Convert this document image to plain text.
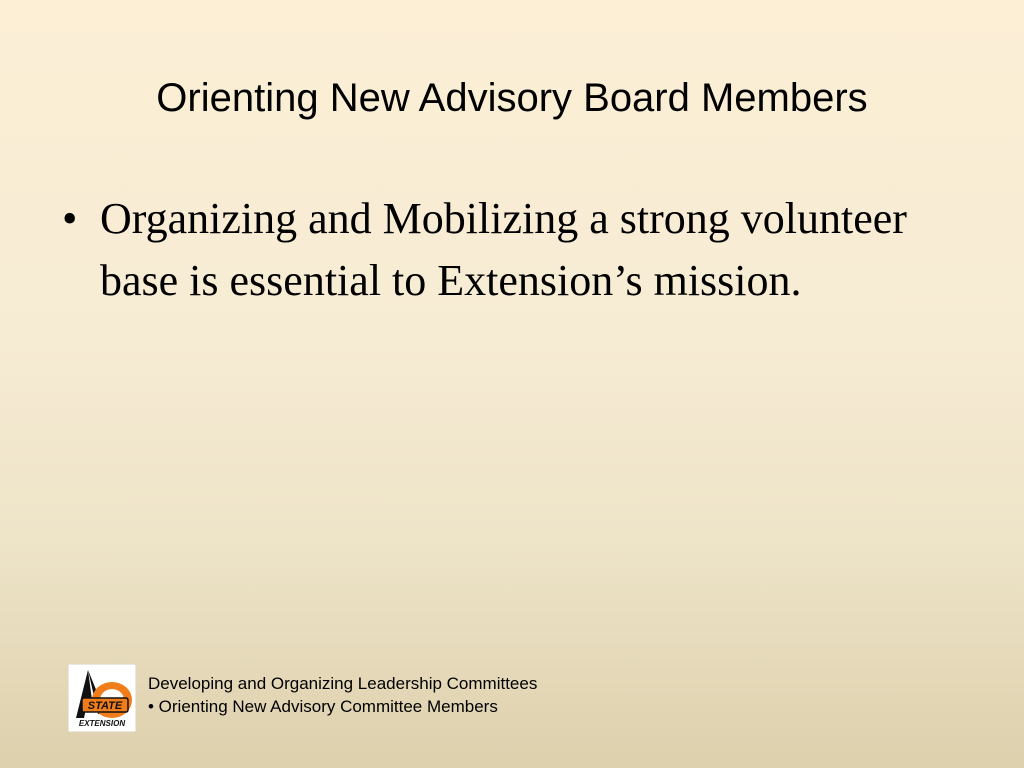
Orienting New Advisory Board Members
• Organizing and Mobilizing a strong volunteer base is essential to Extension’s mission.
STATE
EXTENSION
Developing and Organizing Leadership Committees
• Orienting New Advisory Committee Members
